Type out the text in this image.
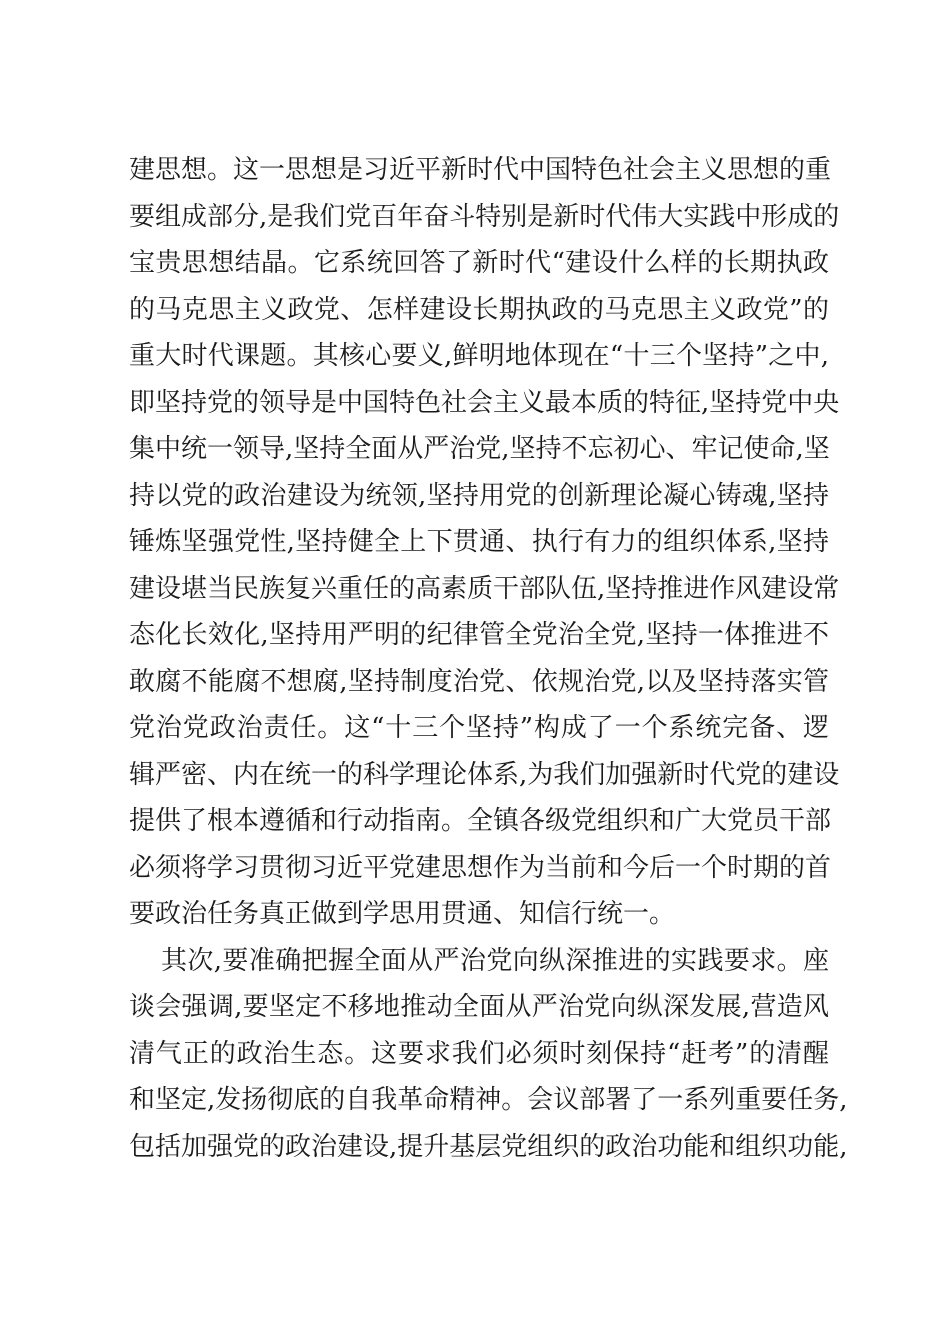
建思想。这一思想是习近平新时代中国特色社会主义思想的重
要组成部分,是我们党百年奋斗特别是新时代伟大实践中形成的
宝贵思想结晶。它系统回答了新时代“建设什么样的长期执政
的马克思主义政党、怎样建设长期执政的马克思主义政党”的
重大时代课题。其核心要义,鲜明地体现在“十三个坚持”之中,
即坚持党的领导是中国特色社会主义最本质的特征,坚持党中央
集中统一领导,坚持全面从严治党,坚持不忘初心、牢记使命,坚
持以党的政治建设为统领,坚持用党的创新理论凝心铸魂,坚持
锤炼坚强党性,坚持健全上下贯通、执行有力的组织体系,坚持
建设堪当民族复兴重任的高素质干部队伍,坚持推进作风建设常
态化长效化,坚持用严明的纪律管全党治全党,坚持一体推进不
敢腐不能腐不想腐,坚持制度治党、依规治党,以及坚持落实管
党治党政治责任。这“十三个坚持”构成了一个系统完备、逻
辑严密、内在统一的科学理论体系,为我们加强新时代党的建设
提供了根本遵循和行动指南。全镇各级党组织和广大党员干部
必须将学习贯彻习近平党建思想作为当前和今后一个时期的首
要政治任务真正做到学思用贯通、知信行统一。
其次,要准确把握全面从严治党向纵深推进的实践要求。座
谈会强调,要坚定不移地推动全面从严治党向纵深发展,营造风
清气正的政治生态。这要求我们必须时刻保持“赶考”的清醒
和坚定,发扬彻底的自我革命精神。会议部署了一系列重要任务,
包括加强党的政治建设,提升基层党组织的政治功能和组织功能,
